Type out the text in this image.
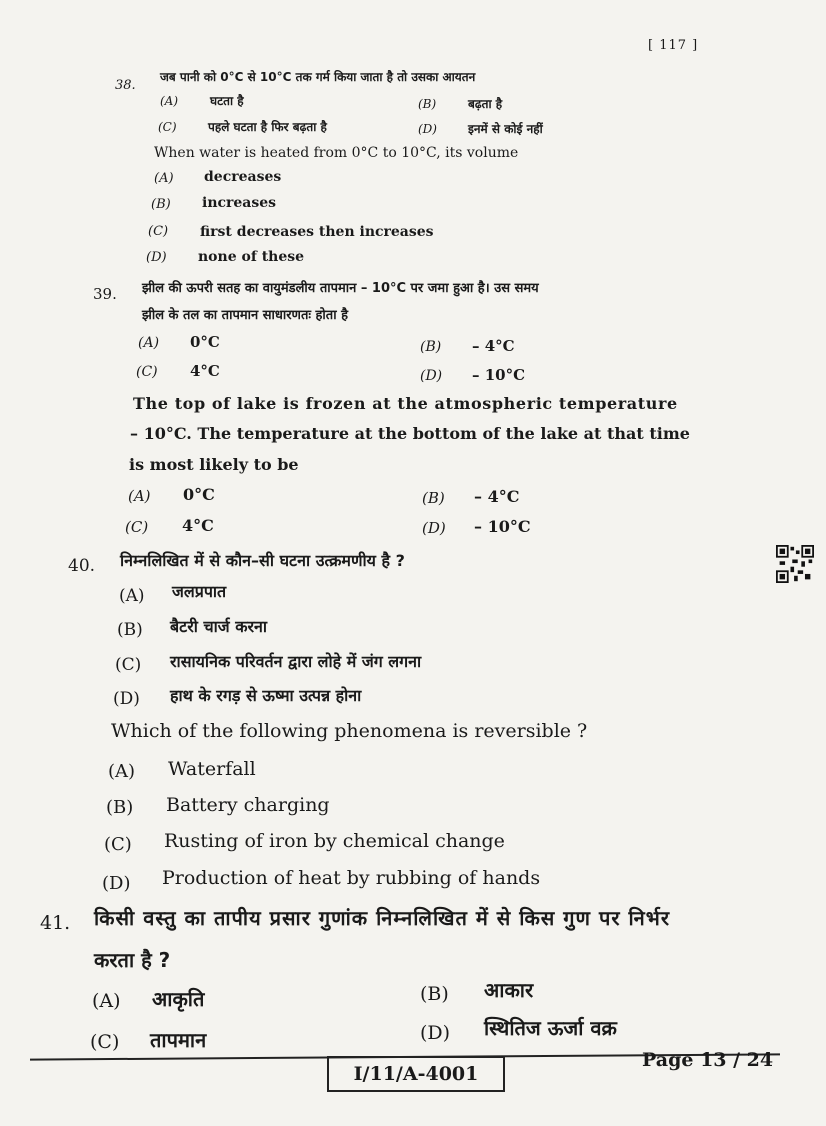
[ 117 ]
38.
जब पानी को 0°C से 10°C तक गर्म किया जाता है तो उसका आयतन
(A)	घटता है	(B)	बढ़ता है
(C)	पहले घटता है फिर बढ़ता है	(D)	इनमें से कोई नहीं
When water is heated from 0°C to 10°C, its volume
(A) decreases
(B) increases
(C) first decreases then increases
(D) none of these
39. झील की ऊपरी सतह का वायुमंडलीय तापमान – 10°C पर जमा हुआ है। उस समय
झील के तल का तापमान साधारणतः होता है
(A) 0°C	(B) – 4°C
(C) 4°C	(D) – 10°C
The top of lake is frozen at the atmospheric temperature
– 10°C. The temperature at the bottom of the lake at that time
is most likely to be
(A) 0°C	(B) – 4°C
(C) 4°C	(D) – 10°C
40. निम्नलिखित में से कौन–सी घटना उत्क्रमणीय है ?
(A) जलप्रपात
(B) बैटरी चार्ज करना
(C) रासायनिक परिवर्तन द्वारा लोहे में जंग लगना
(D) हाथ के रगड़ से ऊष्मा उत्पन्न होना
Which of the following phenomena is reversible ?
(A) Waterfall
(B) Battery charging
(C) Rusting of iron by chemical change
(D) Production of heat by rubbing of hands
41. किसी वस्तु का तापीय प्रसार गुणांक निम्नलिखित में से किस गुण पर निर्भर
करता है ?
(A) आकृति	(B) आकार
(C) तापमान	(D) स्थितिज ऊर्जा वक्र
I/11/A-4001
Page 13 / 24
